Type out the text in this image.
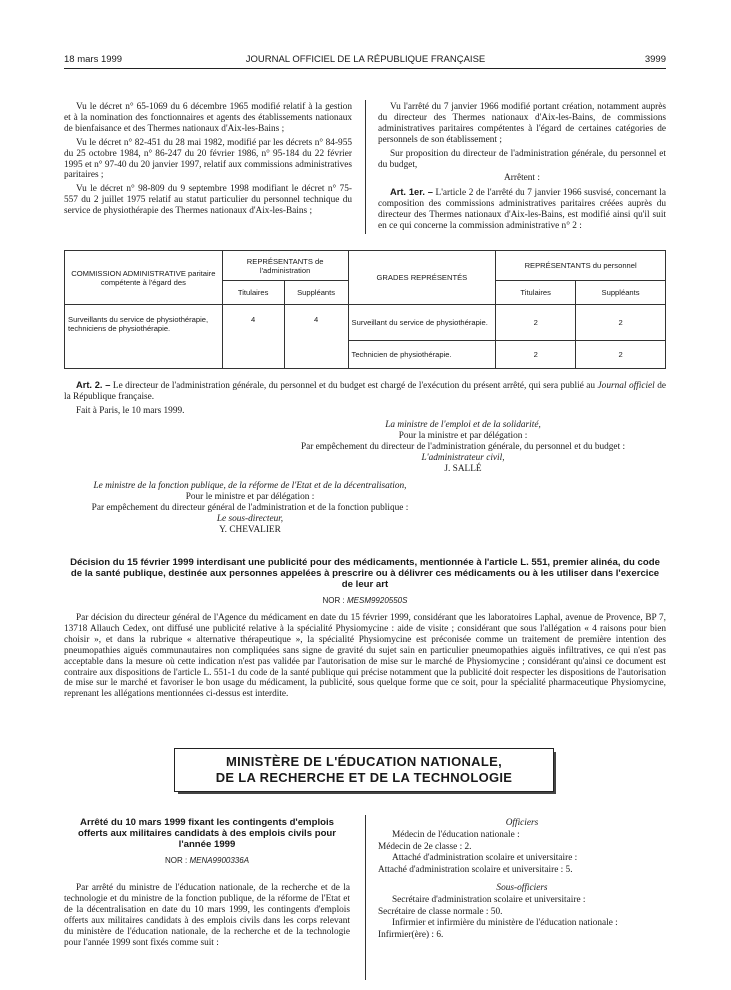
18 mars 1999	JOURNAL OFFICIEL DE LA RÉPUBLIQUE FRANÇAISE	3999

Vu le décret n° 65-1069 du 6 décembre 1965 modifié relatif à la gestion et à la nomination des fonctionnaires et agents des établissements nationaux de bienfaisance et des Thermes nationaux d'Aix-les-Bains ;

Vu le décret n° 82-451 du 28 mai 1982, modifié par les décrets n° 84-955 du 25 octobre 1984, n° 86-247 du 20 février 1986, n° 95-184 du 22 février 1995 et n° 97-40 du 20 janvier 1997, relatif aux commissions administratives paritaires ;

Vu le décret n° 98-809 du 9 septembre 1998 modifiant le décret n° 75-557 du 2 juillet 1975 relatif au statut particulier du personnel technique du service de physiothérapie des Thermes nationaux d'Aix-les-Bains ;

Vu l'arrêté du 7 janvier 1966 modifié portant création, notamment auprès du directeur des Thermes nationaux d'Aix-les-Bains, de commissions administratives paritaires compétentes à l'égard de certaines catégories de personnels de son établissement ;

Sur proposition du directeur de l'administration générale, du personnel et du budget,

Arrêtent :

Art. 1er. – L'article 2 de l'arrêté du 7 janvier 1966 susvisé, concernant la composition des commissions administratives paritaires créées auprès du directeur des Thermes nationaux d'Aix-les-Bains, est modifié ainsi qu'il suit en ce qui concerne la commission administrative n° 2 :

COMMISSION ADMINISTRATIVE paritaire compétente à l'égard des	REPRÉSENTANTS de l'administration		GRADES REPRÉSENTÉS	REPRÉSENTANTS du personnel	
	Titulaires	Suppléants		Titulaires	Suppléants
Surveillants du service de physiothérapie, techniciens de physiothérapie.	4	4	Surveillant du service de physiothérapie.	2	2
			Technicien de physiothérapie.	2	2

Art. 2. – Le directeur de l'administration générale, du personnel et du budget est chargé de l'exécution du présent arrêté, qui sera publié au Journal officiel de la République française.

Fait à Paris, le 10 mars 1999.

La ministre de l'emploi et de la solidarité,
Pour la ministre et par délégation :
Par empêchement du directeur de l'administration générale, du personnel et du budget :
L'administrateur civil,
J. SALLÉ
Le ministre de la fonction publique, de la réforme de l'Etat et de la décentralisation,
Pour le ministre et par délégation :
Par empêchement du directeur général de l'administration et de la fonction publique :
Le sous-directeur,
Y. CHEVALIER
Décision du 15 février 1999 interdisant une publicité pour des médicaments, mentionnée à l'article L. 551, premier alinéa, du code de la santé publique, destinée aux personnes appelées à prescrire ou à délivrer ces médicaments ou à les utiliser dans l'exercice de leur art
NOR : MESM9920550S

Par décision du directeur général de l'Agence du médicament en date du 15 février 1999, considérant que les laboratoires Laphal, avenue de Provence, BP 7, 13718 Allauch Cedex, ont diffusé une publicité relative à la spécialité Physiomycine : aide de visite ; considérant que sous l'allégation « 4 raisons pour bien choisir », et dans la rubrique « alternative thérapeutique », la spécialité Physiomycine est préconisée comme un traitement de première intention des pneumopathies aiguës communautaires non compliquées sans signe de gravité du sujet sain en particulier pneumopathies aiguës infiltratives, ce qui n'est pas acceptable dans la mesure où cette indication n'est pas validée par l'autorisation de mise sur le marché de Physiomycine ; considérant qu'ainsi ce document est contraire aux dispositions de l'article L. 551-1 du code de la santé publique qui précise notamment que la publicité doit respecter les dispositions de l'autorisation de mise sur le marché et favoriser le bon usage du médicament, la publicité, sous quelque forme que ce soit, pour la spécialité pharmaceutique Physiomycine, reprenant les allégations mentionnées ci-dessus est interdite.

MINISTÈRE DE L'ÉDUCATION NATIONALE,
DE LA RECHERCHE ET DE LA TECHNOLOGIE
Arrêté du 10 mars 1999 fixant les contingents d'emplois offerts aux militaires candidats à des emplois civils pour l'année 1999
NOR : MENA9900336A

Par arrêté du ministre de l'éducation nationale, de la recherche et de la technologie et du ministre de la fonction publique, de la réforme de l'Etat et de la décentralisation en date du 10 mars 1999, les contingents d'emplois offerts aux militaires candidats à des emplois civils dans les corps relevant du ministère de l'éducation nationale, de la recherche et de la technologie pour l'année 1999 sont fixés comme suit :

Officiers
Médecin de l'éducation nationale :
Médecin de 2e classe : 2.
Attaché d'administration scolaire et universitaire :
Attaché d'administration scolaire et universitaire : 5.
Sous-officiers
Secrétaire d'administration scolaire et universitaire :
Secrétaire de classe normale : 50.
Infirmier et infirmière du ministère de l'éducation nationale :
Infirmier(ère) : 6.
